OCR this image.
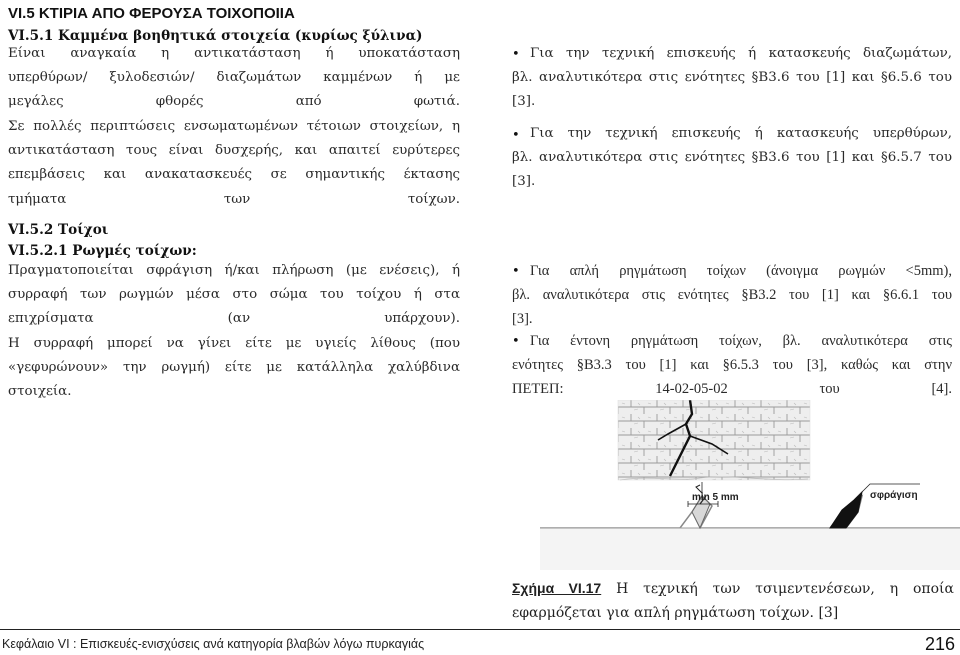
VI.5 ΚΤΙΡΙΑ ΑΠΟ ΦΕΡΟΥΣΑ ΤΟΙΧΟΠΟΙΙΑ
VI.5.1 Καμμένα βοηθητικά στοιχεία (κυρίως ξύλινα)
Είναι αναγκαία η αντικατάσταση ή υποκατάσταση
υπερθύρων/ ξυλοδεσιών/ διαζωμάτων καμμένων ή με
μεγάλες φθορές από φωτιά.
Σε πολλές περιπτώσεις ενσωματωμένων τέτοιων στοιχείων, η
αντικατάσταση τους είναι δυσχερής, και απαιτεί ευρύτερες
επεμβάσεις και ανακατασκευές σε σημαντικής έκτασης
τμήματα των τοίχων.
VI.5.2 Τοίχοι
VI.5.2.1 Ρωγμές τοίχων:
Πραγματοποιείται σφράγιση ή/και πλήρωση (με ενέσεις), ή
συρραφή των ρωγμών μέσα στο σώμα του τοίχου ή στα
επιχρίσματα (αν υπάρχουν).
Η συρραφή μπορεί να γίνει είτε με υγιείς λίθους (που
«γεφυρώνουν» την ρωγμή) είτε με κατάλληλα χαλύβδινα
στοιχεία.
• Για την τεχνική επισκευής ή κατασκευής διαζωμάτων,
βλ. αναλυτικότερα στις ενότητες §Β3.6 του [1] και §6.5.6 του
[3].
• Για την τεχνική επισκευής ή κατασκευής υπερθύρων,
βλ. αναλυτικότερα στις ενότητες §Β3.6 του [1] και §6.5.7 του
[3].
• Για απλή ρηγμάτωση τοίχων (άνοιγμα ρωγμών <5mm),
βλ. αναλυτικότερα στις ενότητες §Β3.2 του [1] και §6.6.1 του
[3].
• Για έντονη ρηγμάτωση τοίχων, βλ. αναλυτικότερα στις
ενότητες §Β3.3 του [1] και §6.5.3 του [3], καθώς και στην
ΠΕΤΕΠ: 14-02-05-02 του [4].
min 5 mm	σφράγιση
Σχήμα VI.17 Η τεχνική των τσιμεντενέσεων, η οποία
εφαρμόζεται για απλή ρηγμάτωση τοίχων. [3]
Κεφάλαιο VI : Επισκευές-ενισχύσεις ανά κατηγορία βλαβών λόγω πυρκαγιάς	216
